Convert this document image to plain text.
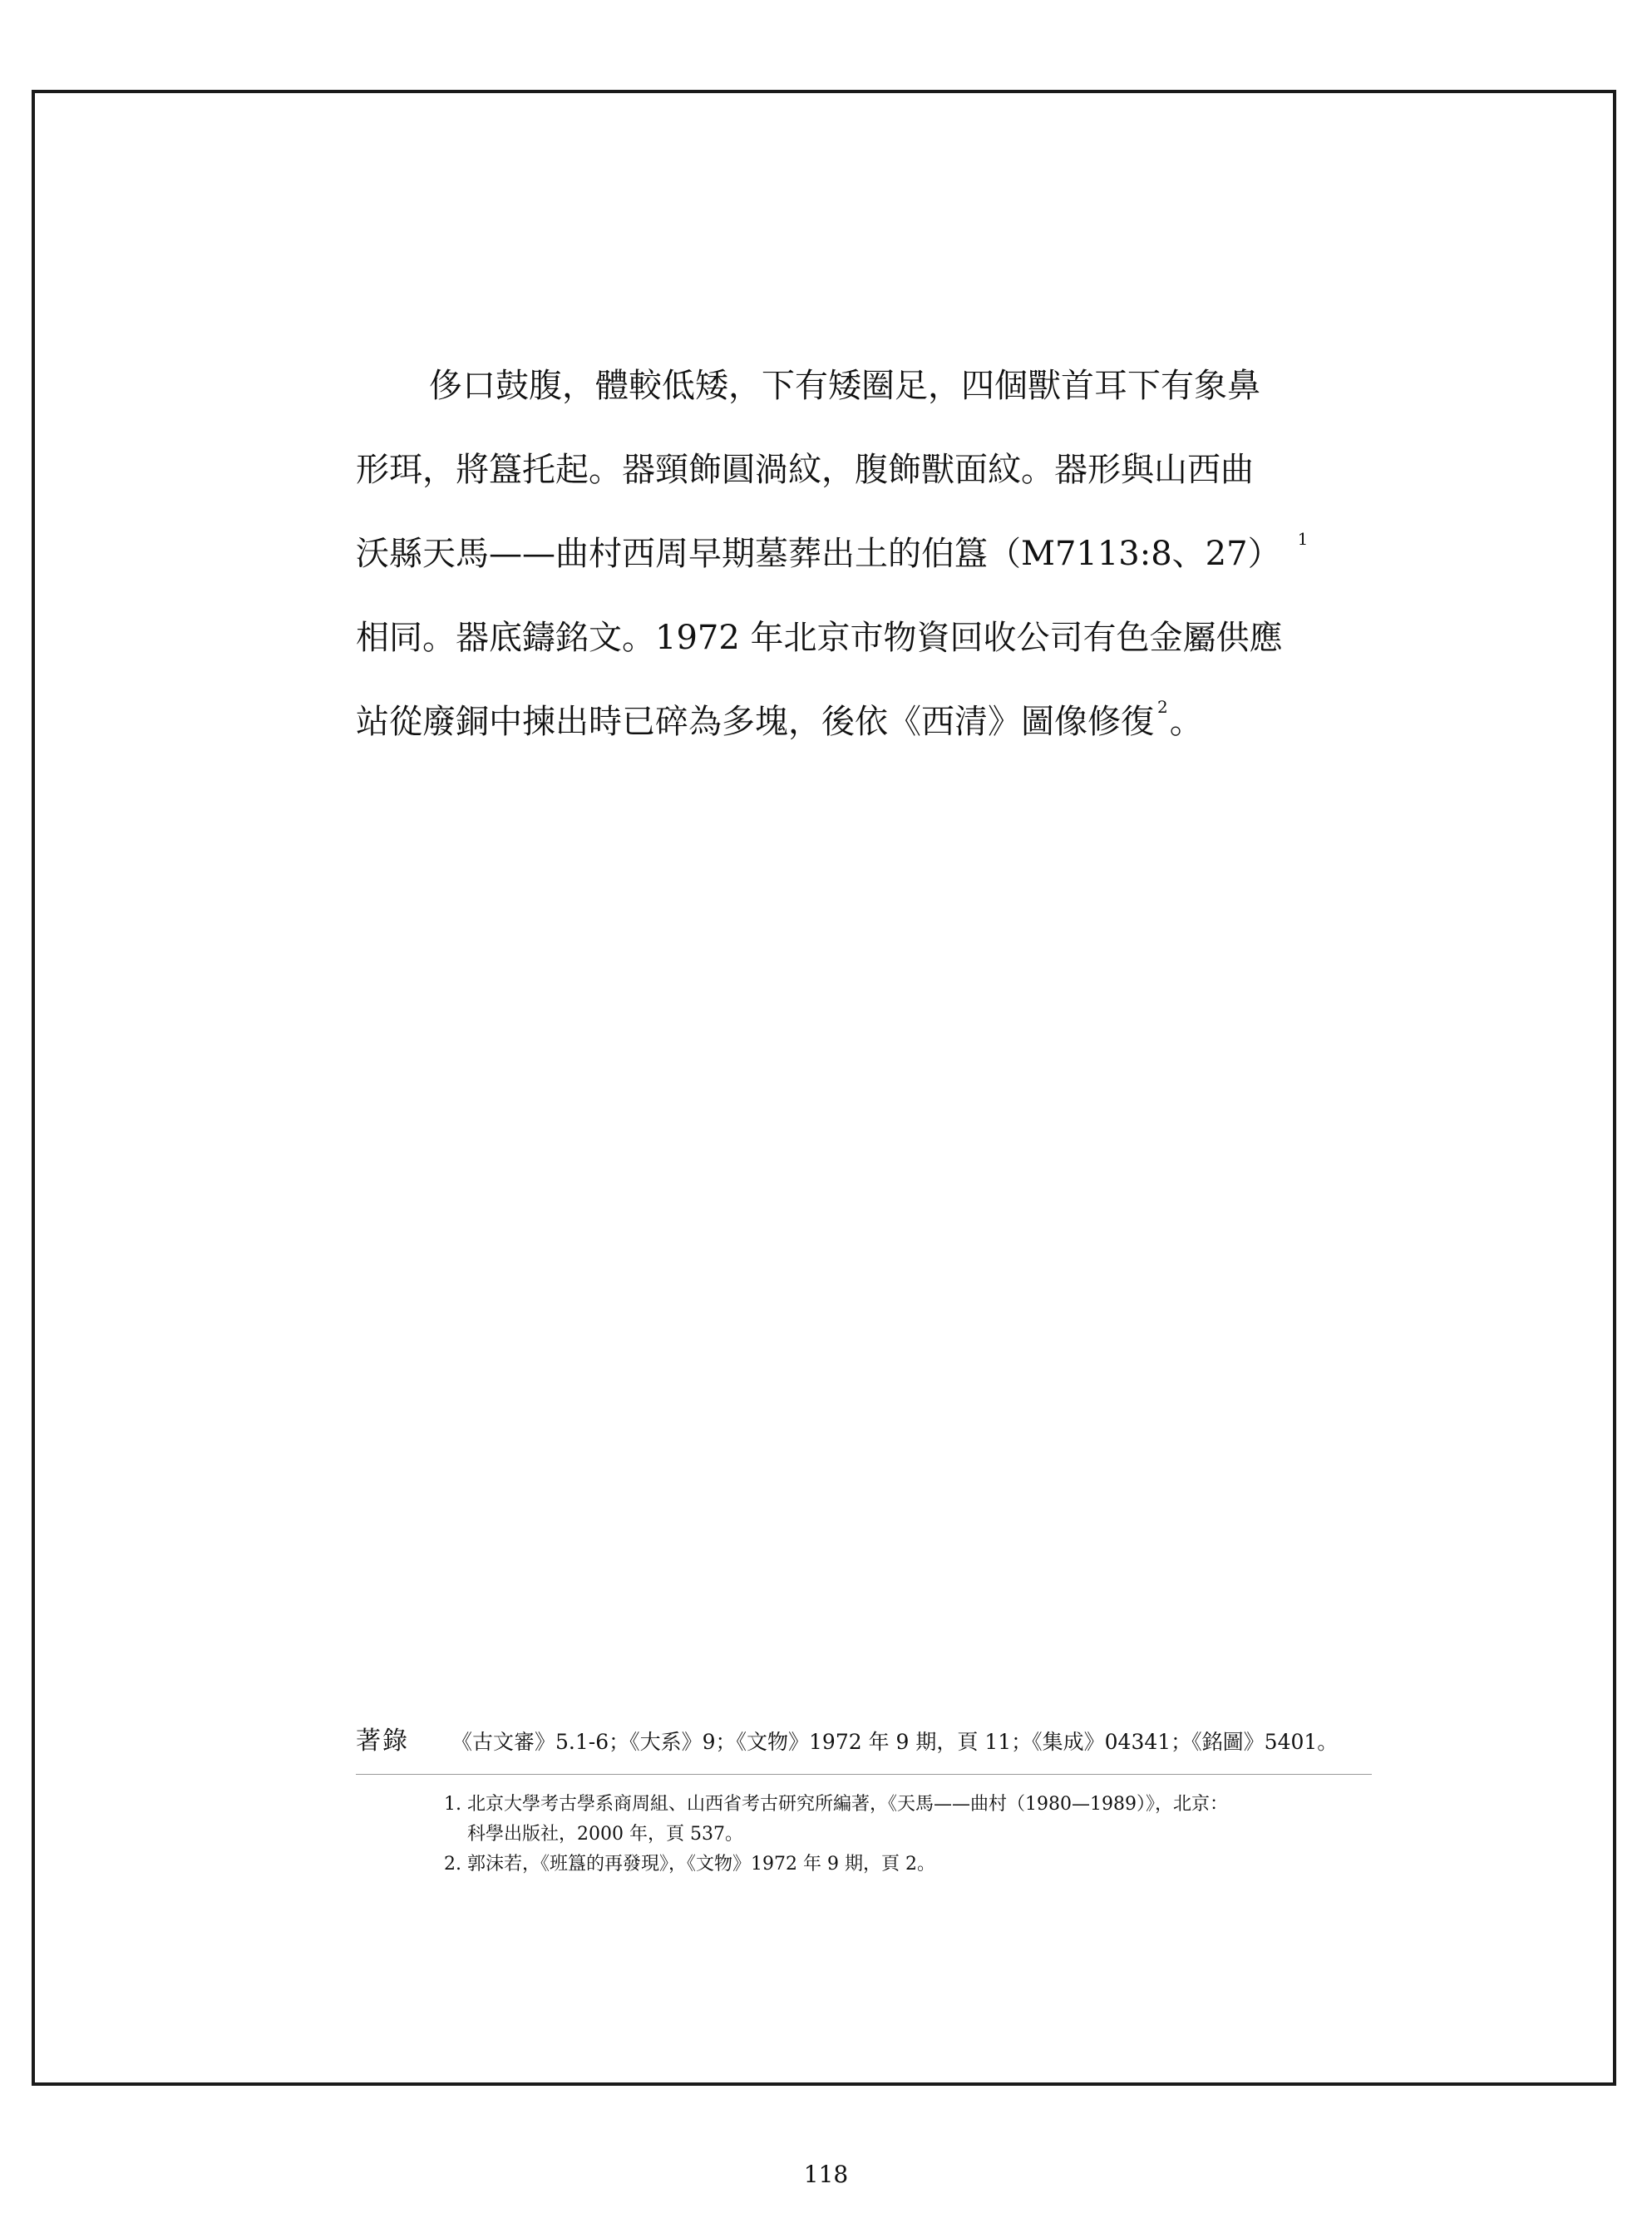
侈口鼓腹，體較低矮，下有矮圈足，四個獸首耳下有象鼻
形珥，將簋托起。器頸飾圓渦紋，腹飾獸面紋。器形與山西曲
沃縣天馬——曲村西周早期墓葬出土的伯簋（M7113:8、27） $^1$
相同。器底鑄銘文。1972 年北京市物資回收公司有色金屬供應
站從廢銅中揀出時已碎為多塊，後依《西清》圖像修復 $^2$。
著錄 《古文審》5.1-6；《大系》9；《文物》1972 年 9 期，頁 11；《集成》04341；《銘圖》5401。
1. 北京大學考古學系商周組、山西省考古研究所編著，《天馬——曲村（1980—1989）》，北京：
科學出版社，2000 年，頁 537。
2. 郭沫若，《班簋的再發現》，《文物》1972 年 9 期，頁 2。
118
